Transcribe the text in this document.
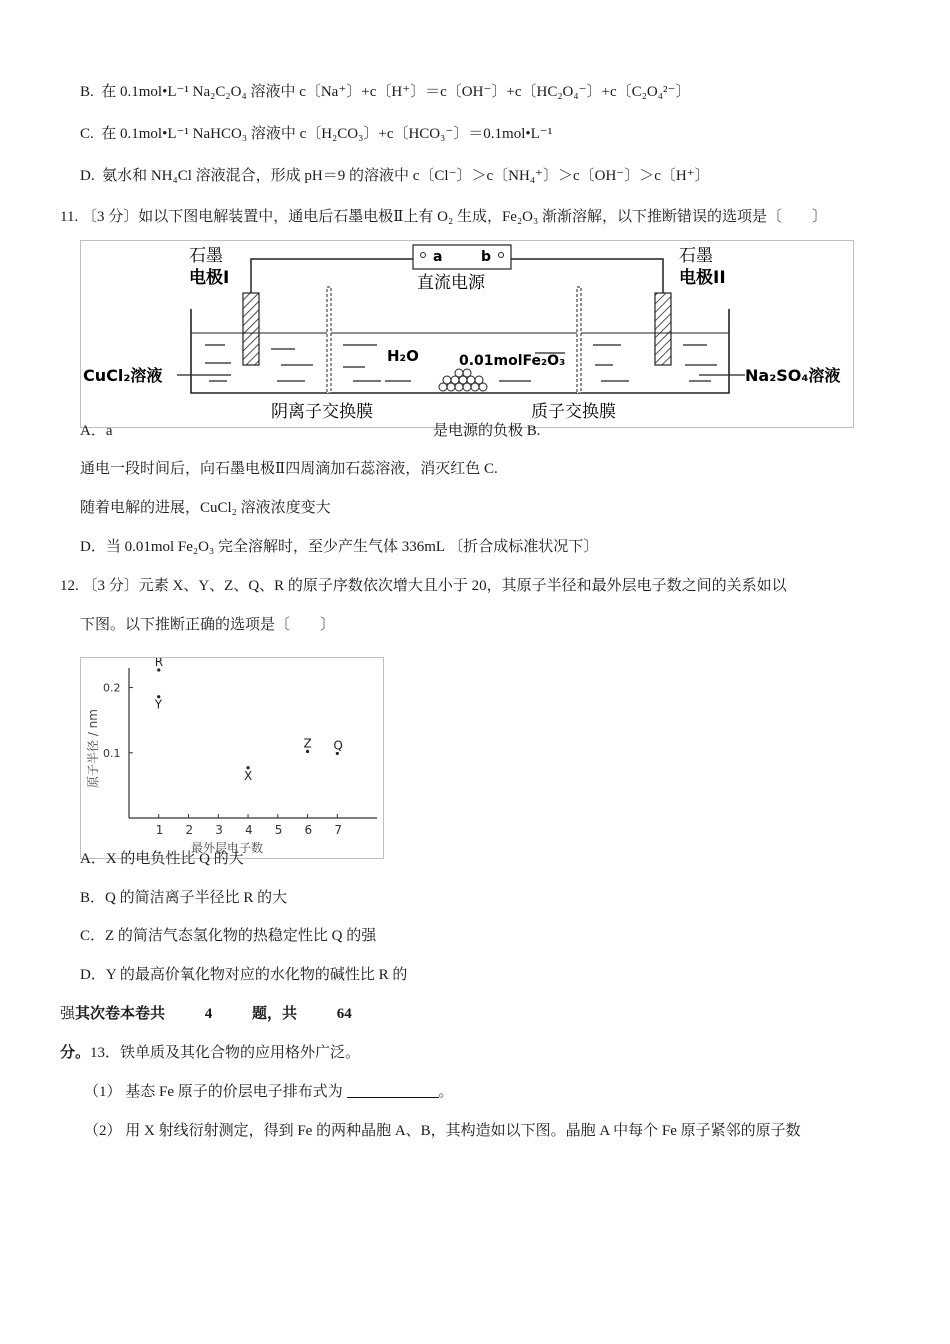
B. 在 0.1mol•L⁻¹ Na₂C₂O₄ 溶液中 c〔Na⁺〕+c〔H⁺〕＝c〔OH⁻〕+c〔HC₂O₄⁻〕+c〔C₂O₄²⁻〕
C. 在 0.1mol•L⁻¹ NaHCO₃ 溶液中 c〔H₂CO₃〕+c〔HCO₃⁻〕＝0.1mol•L⁻¹
D. 氨水和 NH₄Cl 溶液混合，形成 pH＝9 的溶液中 c〔Cl⁻〕＞c〔NH₄⁺〕＞c〔OH⁻〕＞c〔H⁺〕
11. 〔3 分〕如以下图电解装置中，通电后石墨电极Ⅱ上有 O₂ 生成，Fe₂O₃ 渐渐溶解，以下推断错误的选项是〔　　〕
a	b
直流电源
石墨
电极I
石墨
电极II
H₂O	0.01molFe₂O₃
CuCl₂溶液	Na₂SO₄溶液
阴离子交换膜	质子交换膜
A．a	是电源的负极 B.
通电一段时间后，向石墨电极Ⅱ四周滴加石蕊溶液，消灭红色 C.
随着电解的进展，CuCl₂ 溶液浓度变大
D．当 0.01mol Fe₂O₃ 完全溶解时，至少产生气体 336mL 〔折合成标准状况下〕
12. 〔3 分〕元素 X、Y、Z、Q、R 的原子序数依次增大且小于 20，其原子半径和最外层电子数之间的关系如以
下图。以下推断正确的选项是〔　　〕
最外层电子数
原子半径 / nm
1 2 3 4 5 6 7
0.1
0.2
R
Y
X
Z Q
A．X 的电负性比 Q 的大
B．Q 的简洁离子半径比 R 的大
C．Z 的简洁气态氢化物的热稳定性比 Q 的强
D．Y 的最高价氧化物对应的水化物的碱性比 R 的
强其次卷本卷共	4	题，共	64
分。13．铁单质及其化合物的应用格外广泛。
（1） 基态 Fe 原子的价层电子排布式为	。
（2） 用 X 射线衍射测定，得到 Fe 的两种晶胞 A、B，其构造如以下图。晶胞 A 中每个 Fe 原子紧邻的原子数
